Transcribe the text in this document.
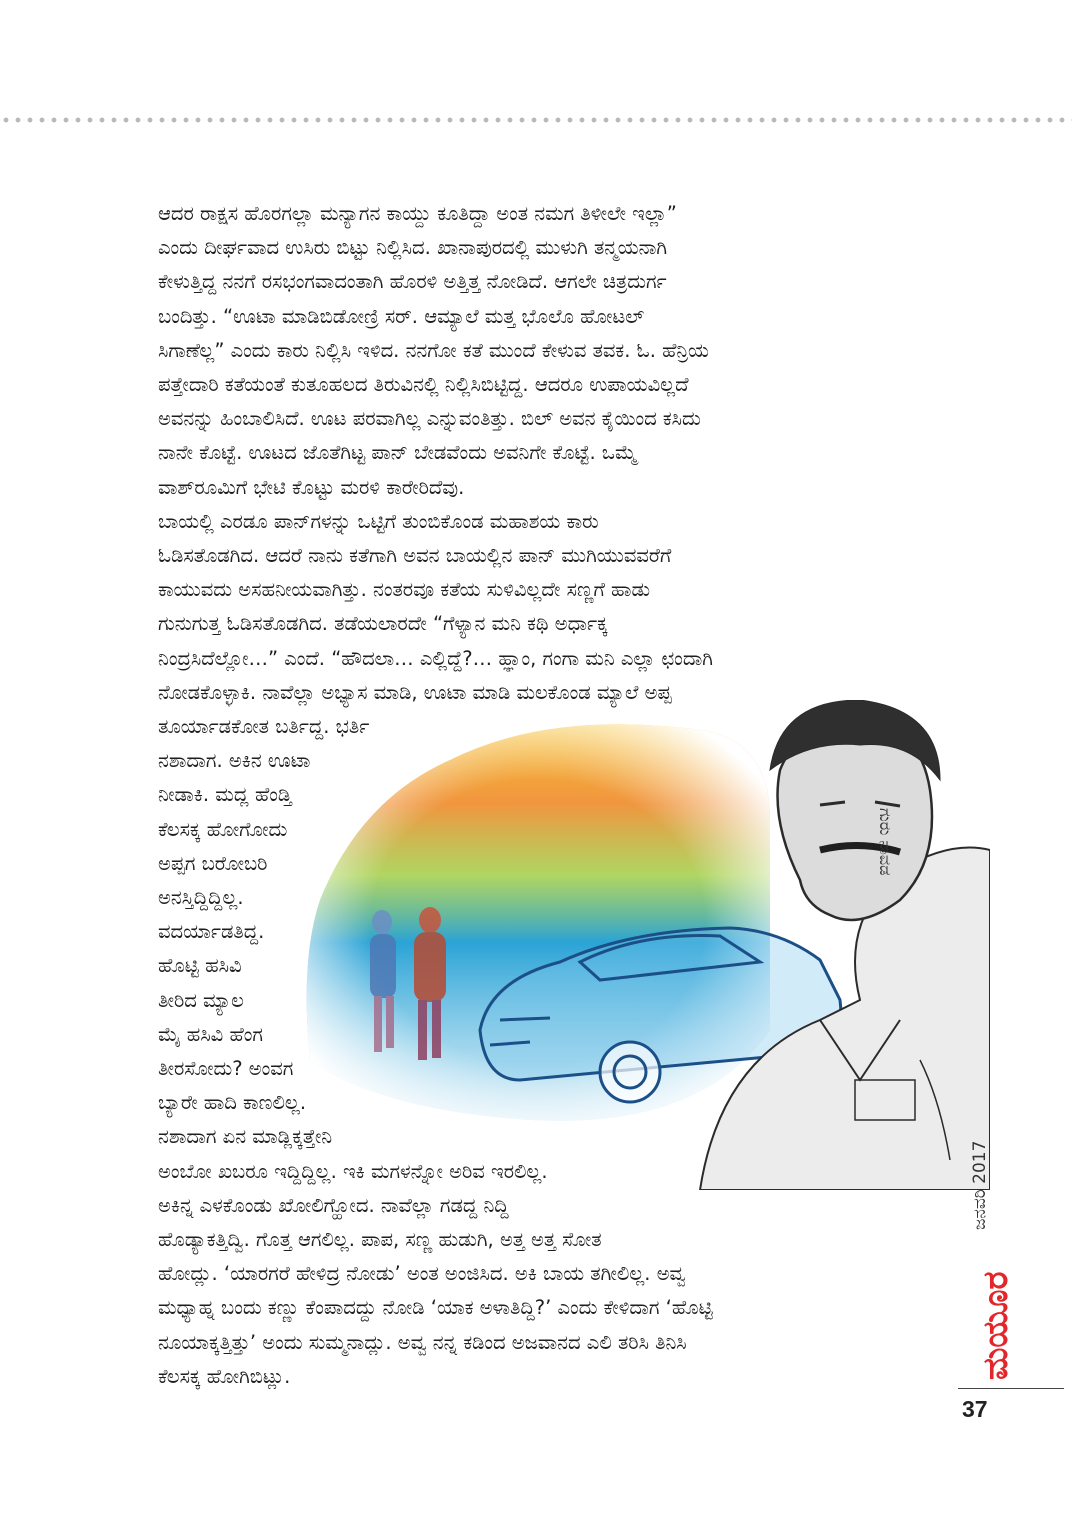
ಆದರ ರಾಕ್ಷಸ ಹೊರಗಲ್ಲಾ ಮನ್ಯಾಗನ ಕಾಯ್ದು ಕೂತಿದ್ದಾ ಅಂತ ನಮಗ ತಿಳೀಲೇ ಇಲ್ಲಾ”
ಎಂದು ದೀರ್ಘವಾದ ಉಸಿರು ಬಿಟ್ಟು ನಿಲ್ಲಿಸಿದ. ಖಾನಾಪುರದಲ್ಲಿ ಮುಳುಗಿ ತನ್ಮಯನಾಗಿ
ಕೇಳುತ್ತಿದ್ದ ನನಗೆ ರಸಭಂಗವಾದಂತಾಗಿ ಹೊರಳಿ ಅತ್ತಿತ್ತ ನೋಡಿದೆ. ಆಗಲೇ ಚಿತ್ರದುರ್ಗ
ಬಂದಿತ್ತು. “ಊಟಾ ಮಾಡಿಬಿಡೋಣ್ರಿ ಸರ್. ಆಮ್ಯಾಲೆ ಮತ್ತ ಭೊಲೊ ಹೋಟಲ್
ಸಿಗಾಣೆಲ್ಲ” ಎಂದು ಕಾರು ನಿಲ್ಲಿಸಿ ಇಳಿದ. ನನಗೋ ಕತೆ ಮುಂದೆ ಕೇಳುವ ತವಕ. ಓ. ಹೆನ್ರಿಯ
ಪತ್ತೇದಾರಿ ಕತೆಯಂತೆ ಕುತೂಹಲದ ತಿರುವಿನಲ್ಲಿ ನಿಲ್ಲಿಸಿಬಿಟ್ಟಿದ್ದ. ಆದರೂ ಉಪಾಯವಿಲ್ಲದೆ
ಅವನನ್ನು ಹಿಂಬಾಲಿಸಿದೆ. ಊಟ ಪರವಾಗಿಲ್ಲ ಎನ್ನುವಂತಿತ್ತು. ಬಿಲ್ ಅವನ ಕೈಯಿಂದ ಕಸಿದು
ನಾನೇ ಕೊಟ್ಟೆ. ಊಟದ ಜೊತೆಗಿಟ್ಟ ಪಾನ್ ಬೇಡವೆಂದು ಅವನಿಗೇ ಕೊಟ್ಟೆ. ಒಮ್ಮೆ
ವಾಶ್‌ರೂಮಿಗೆ ಭೇಟಿ ಕೊಟ್ಟು ಮರಳಿ ಕಾರೇರಿದೆವು.
ಬಾಯಲ್ಲಿ ಎರಡೂ ಪಾನ್‌ಗಳನ್ನು ಒಟ್ಟಿಗೆ ತುಂಬಿಕೊಂಡ ಮಹಾಶಯ ಕಾರು
ಓಡಿಸತೊಡಗಿದ. ಆದರೆ ನಾನು ಕತೆಗಾಗಿ ಅವನ ಬಾಯಲ್ಲಿನ ಪಾನ್ ಮುಗಿಯುವವರೆಗೆ
ಕಾಯುವದು ಅಸಹನೀಯವಾಗಿತ್ತು. ನಂತರವೂ ಕತೆಯ ಸುಳಿವಿಲ್ಲದೇ ಸಣ್ಣಗೆ ಹಾಡು
ಗುನುಗುತ್ತ ಓಡಿಸತೊಡಗಿದ. ತಡೆಯಲಾರದೇ “ಗೆಳ್ಯಾನ ಮನಿ ಕಥಿ ಅರ್ಧಾಕ್ಕ
ನಿಂದ್ರಸಿದೆಲ್ಲೋ…” ಎಂದೆ. “ಹೌದಲಾ… ಎಲ್ಲಿದ್ದೆ?… ಹ್ಞಾಂ, ಗಂಗಾ ಮನಿ ಎಲ್ಲಾ ಛಂದಾಗಿ
ನೋಡಕೊಳ್ಳಾಕಿ. ನಾವೆಲ್ಲಾ ಅಭ್ಯಾಸ ಮಾಡಿ, ಊಟಾ ಮಾಡಿ ಮಲಕೊಂಡ ಮ್ಯಾಲೆ ಅಪ್ಪ
ತೂರ್ಯಾಡಕೋತ ಬರ್ತಿದ್ದ. ಭರ್ತಿ
ನಶಾದಾಗ. ಅಕಿನ ಊಟಾ
ನೀಡಾಕಿ. ಮದ್ಲ ಹೆಂಡ್ತಿ
ಕೆಲಸಕ್ಕ ಹೋಗೋದು
ಅಪ್ಪಗ ಬರೋಬರಿ
ಅನಸ್ತಿದ್ದಿದ್ದಿಲ್ಲ.
ವದರ್ಯಾಡತಿದ್ದ.
ಹೊಟ್ಟಿ ಹಸಿವಿ
ತೀರಿದ ಮ್ಯಾಲ
ಮೈ ಹಸಿವಿ ಹೆಂಗ
ತೀರಸೋದು? ಅಂವಗ
ಬ್ಯಾರೇ ಹಾದಿ ಕಾಣಲಿಲ್ಲ.
ನಶಾದಾಗ ಏನ ಮಾಡ್ಲಿಕ್ಕತ್ತೇನಿ
ಅಂಬೋ ಖಬರೂ ಇದ್ದಿದ್ದಿಲ್ಲ. ಇಕಿ ಮಗಳನ್ನೋ ಅರಿವ ಇರಲಿಲ್ಲ.
ಅಕಿನ್ನ ಎಳಕೊಂಡು ಖೋಲಿಗ್ಹೋದ. ನಾವೆಲ್ಲಾ ಗಡದ್ದ ನಿದ್ದಿ
ಹೊಡ್ಯಾಕತ್ತಿದ್ವಿ. ಗೊತ್ತ ಆಗಲಿಲ್ಲ. ಪಾಪ, ಸಣ್ಣ ಹುಡುಗಿ, ಅತ್ತ ಅತ್ತ ಸೋತ
ಹೋದ್ಲು. ‘ಯಾರಗರೆ ಹೇಳಿದ್ರ ನೋಡು’ ಅಂತ ಅಂಜಿಸಿದ. ಅಕಿ ಬಾಯ ತಗೀಲಿಲ್ಲ. ಅವ್ವ
ಮಧ್ಯಾಹ್ನ ಬಂದು ಕಣ್ಣು ಕೆಂಪಾದದ್ದು ನೋಡಿ ‘ಯಾಕ ಅಳಾತಿದ್ದಿ?’ ಎಂದು ಕೇಳಿದಾಗ ‘ಹೊಟ್ಟಿ
ನೂಯಾಕ್ಕತ್ತಿತ್ತು’ ಅಂದು ಸುಮ್ಮನಾದ್ಲು. ಅವ್ವ ನನ್ನ ಕಡಿಂದ ಅಜವಾನದ ಎಲಿ ತರಿಸಿ ತಿನಿಸಿ
ಕೆಲಸಕ್ಕ ಹೋಗಿಬಿಟ್ಲು.
ಗುರು ನಾವಡ
ಜನವರಿ 2017
ಮಯೂರ
37
